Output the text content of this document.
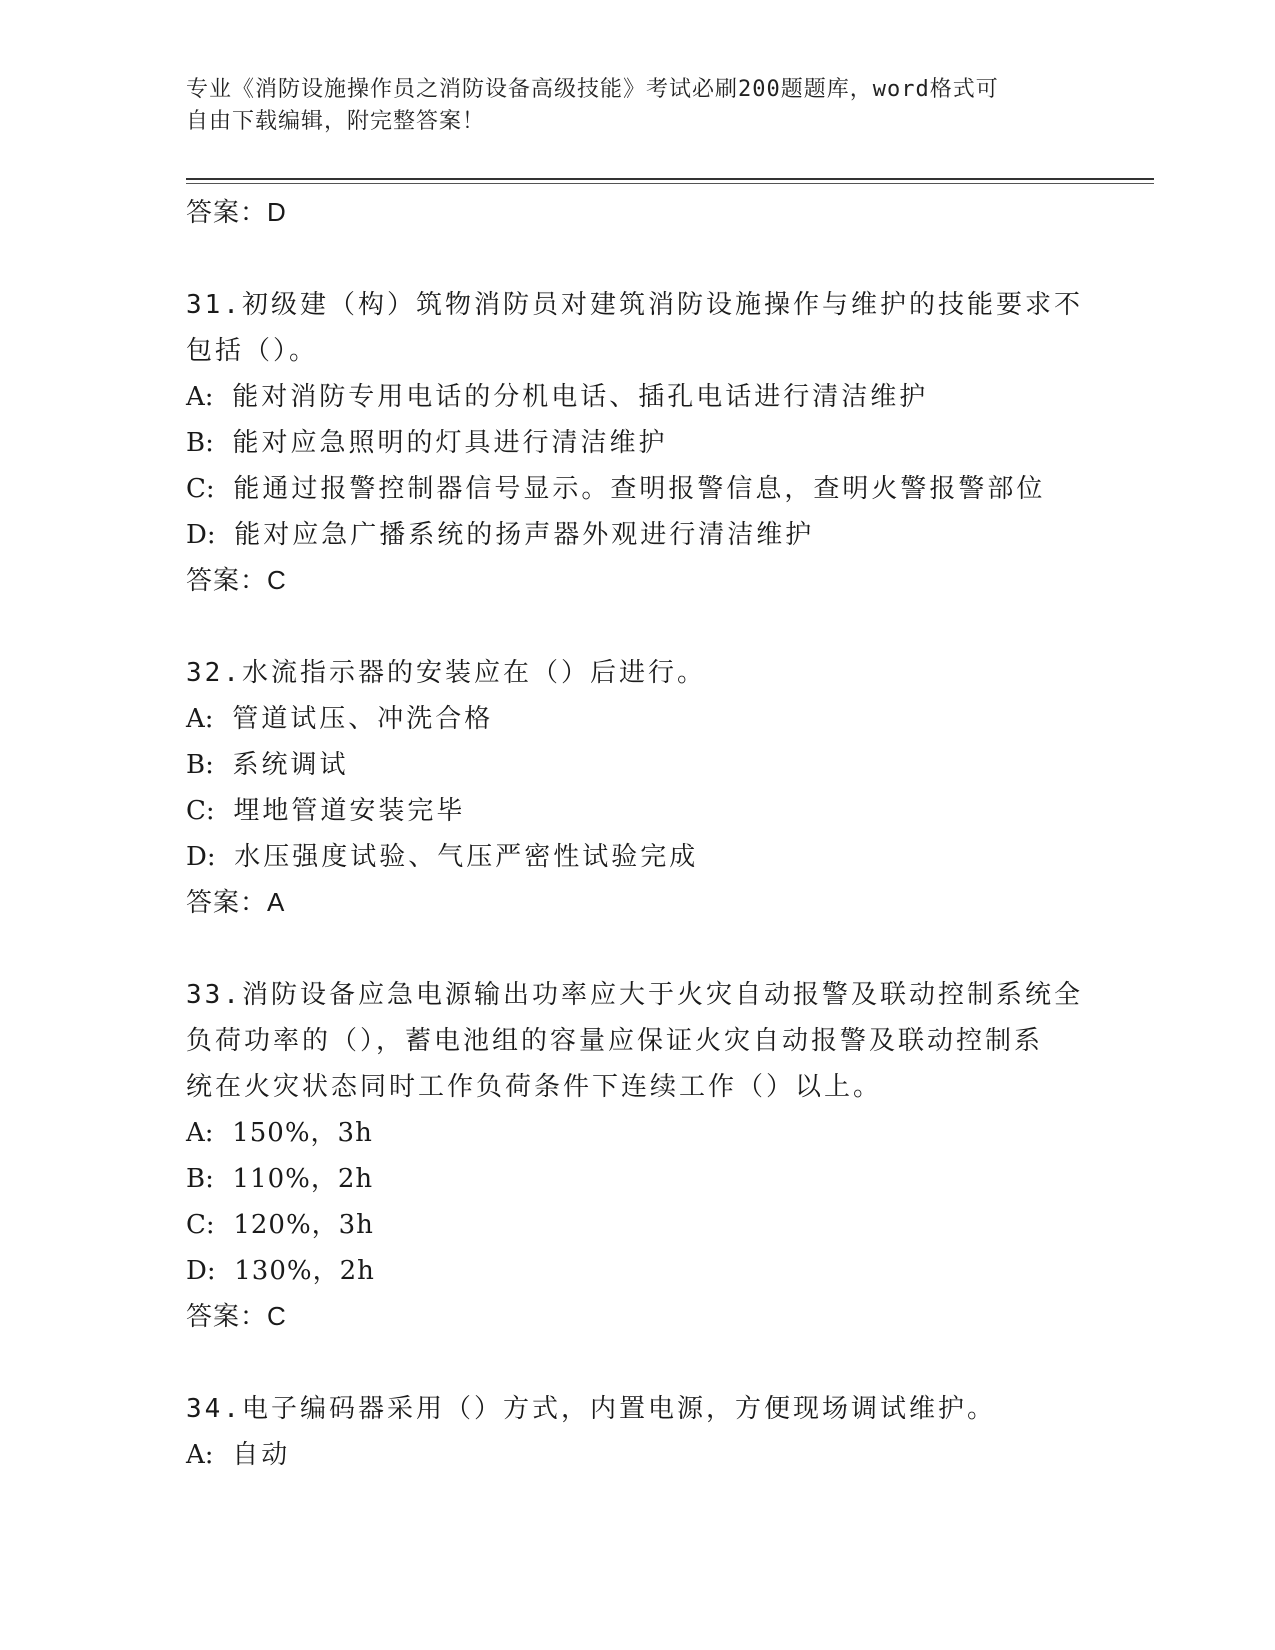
专业《消防设施操作员之消防设备高级技能》考试必刷200题题库，word格式可
自由下载编辑，附完整答案！
答案：D
31.初级建（构）筑物消防员对建筑消防设施操作与维护的技能要求不
包括（）。
A: 能对消防专用电话的分机电话、插孔电话进行清洁维护
B: 能对应急照明的灯具进行清洁维护
C: 能通过报警控制器信号显示。查明报警信息，查明火警报警部位
D: 能对应急广播系统的扬声器外观进行清洁维护
答案：C
32.水流指示器的安装应在（）后进行。
A: 管道试压、冲洗合格
B: 系统调试
C: 埋地管道安装完毕
D: 水压强度试验、气压严密性试验完成
答案：A
33.消防设备应急电源输出功率应大于火灾自动报警及联动控制系统全
负荷功率的（），蓄电池组的容量应保证火灾自动报警及联动控制系
统在火灾状态同时工作负荷条件下连续工作（）以上。
A: 150%，3h
B: 110%，2h
C: 120%，3h
D: 130%，2h
答案：C
34.电子编码器采用（）方式，内置电源，方便现场调试维护。
A: 自动
